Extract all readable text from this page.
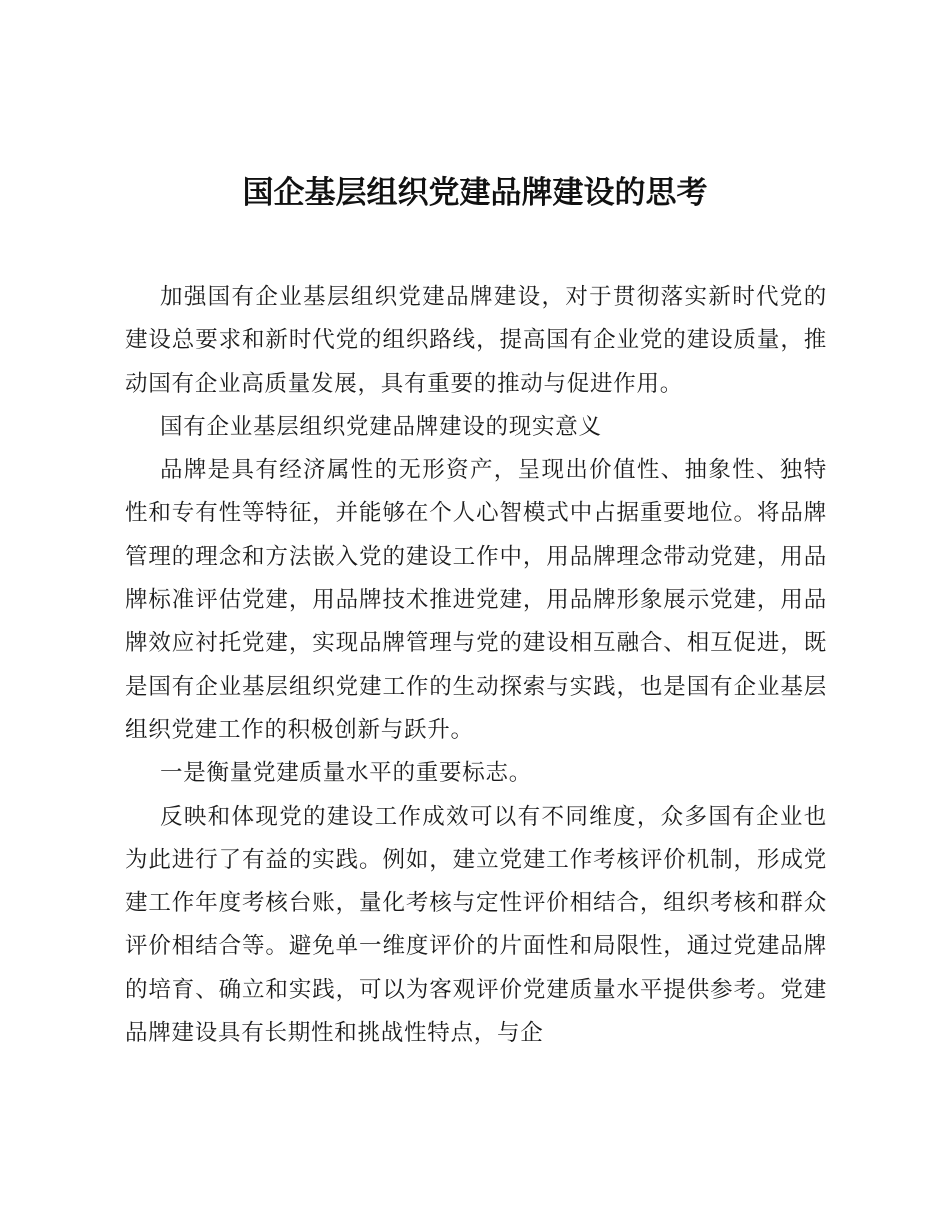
国企基层组织党建品牌建设的思考

加强国有企业基层组织党建品牌建设，对于贯彻落实新时代党的建设总要求和新时代党的组织路线，提高国有企业党的建设质量，推动国有企业高质量发展，具有重要的推动与促进作用。

国有企业基层组织党建品牌建设的现实意义

品牌是具有经济属性的无形资产，呈现出价值性、抽象性、独特性和专有性等特征，并能够在个人心智模式中占据重要地位。将品牌管理的理念和方法嵌入党的建设工作中，用品牌理念带动党建，用品牌标准评估党建，用品牌技术推进党建，用品牌形象展示党建，用品牌效应衬托党建，实现品牌管理与党的建设相互融合、相互促进，既是国有企业基层组织党建工作的生动探索与实践，也是国有企业基层组织党建工作的积极创新与跃升。

一是衡量党建质量水平的重要标志。

反映和体现党的建设工作成效可以有不同维度，众多国有企业也为此进行了有益的实践。例如，建立党建工作考核评价机制，形成党建工作年度考核台账，量化考核与定性评价相结合，组织考核和群众评价相结合等。避免单一维度评价的片面性和局限性，通过党建品牌的培育、确立和实践，可以为客观评价党建质量水平提供参考。党建品牌建设具有长期性和挑战性特点，与企
